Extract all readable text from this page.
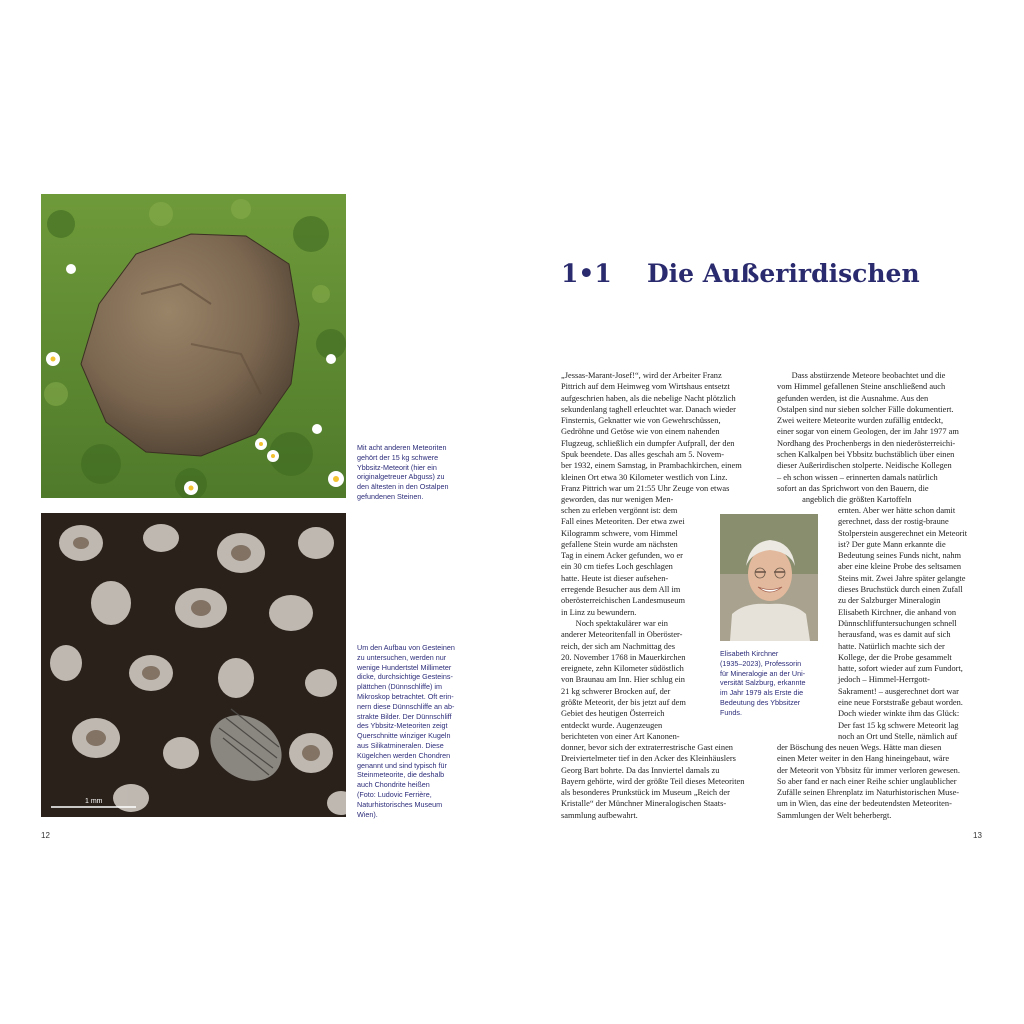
Mit acht anderen Meteoriten
gehört der 15 kg schwere
Ybbsitz-Meteorit (hier ein
originalgetreuer Abguss) zu
den ältesten in den Ostalpen
gefundenen Steinen.

1 mm

Um den Aufbau von Gesteinen
zu untersuchen, werden nur
wenige Hundertstel Millimeter
dicke, durchsichtige Gesteins-
plättchen (Dünnschliffe) im
Mikroskop betrachtet. Oft erin-
nern diese Dünnschliffe an ab-
strakte Bilder. Der Dünnschliff
des Ybbsitz-Meteoriten zeigt
Querschnitte winziger Kugeln
aus Silikatmineralen. Diese
Kügelchen werden Chondren
genannt und sind typisch für
Steinmeteorite, die deshalb
auch Chondrite heißen
(Foto: Ludovic Ferrière,
Naturhistorisches Museum
Wien).

12
1•1 Die Außerirdischen

„Jessas-Marant-Josef!“, wird der Arbeiter Franz
Pittrich auf dem Heimweg vom Wirtshaus entsetzt
aufgeschrien haben, als die nebelige Nacht plötzlich
sekundenlang taghell erleuchtet war. Danach wieder
Finsternis, Geknatter wie von Gewehrschüssen,
Gedröhne und Getöse wie von einem nahenden
Flugzeug, schließlich ein dumpfer Aufprall, der den
Spuk beendete. Das alles geschah am 5. Novem-
ber 1932, einem Samstag, in Prambachkirchen, einem
kleinen Ort etwa 30 Kilometer westlich von Linz.
Franz Pittrich war um 21:55 Uhr Zeuge von etwas
geworden, das nur wenigen Men-

schen zu erleben vergönnt ist: dem
Fall eines Meteoriten. Der etwa zwei
Kilogramm schwere, vom Himmel
gefallene Stein wurde am nächsten
Tag in einem Acker gefunden, wo er
ein 30 cm tiefes Loch geschlagen
hatte. Heute ist dieser aufsehen-
erregende Besucher aus dem All im
oberösterreichischen Landesmuseum
in Linz zu bewundern.
Noch spektakulärer war ein
anderer Meteoritenfall in Oberöster-
reich, der sich am Nachmittag des
20. November 1768 in Mauerkirchen
ereignete, zehn Kilometer südöstlich
von Braunau am Inn. Hier schlug ein
21 kg schwerer Brocken auf, der
größte Meteorit, der bis jetzt auf dem
Gebiet des heutigen Österreich
entdeckt wurde. Augenzeugen
berichteten von einer Art Kanonen-

donner, bevor sich der extraterrestrische Gast einen
Dreiviertelmeter tief in den Acker des Kleinhäuslers
Georg Bart bohrte. Da das Innviertel damals zu
Bayern gehörte, wird der größte Teil dieses Meteoriten
als besonderes Prunkstück im Museum „Reich der
Kristalle“ der Münchner Mineralogischen Staats-
sammlung aufbewahrt.

Elisabeth Kirchner
(1935–2023), Professorin
für Mineralogie an der Uni-
versität Salzburg, erkannte
im Jahr 1979 als Erste die
Bedeutung des Ybbsitzer
Funds.

Dass abstürzende Meteore beobachtet und die
vom Himmel gefallenen Steine anschließend auch
gefunden werden, ist die Ausnahme. Aus den
Ostalpen sind nur sieben solcher Fälle dokumentiert.
Zwei weitere Meteorite wurden zufällig entdeckt,
einer sogar von einem Geologen, der im Jahr 1977 am
Nordhang des Prochenbergs in den niederösterreichi-
schen Kalkalpen bei Ybbsitz buchstäblich über einen
dieser Außerirdischen stolperte. Neidische Kollegen
– eh schon wissen – erinnerten damals natürlich
sofort an das Sprichwort von den Bauern, die
angeblich die größten Kartoffeln

ernten. Aber wer hätte schon damit
gerechnet, dass der rostig-braune
Stolperstein ausgerechnet ein Meteorit
ist? Der gute Mann erkannte die
Bedeutung seines Funds nicht, nahm
aber eine kleine Probe des seltsamen
Steins mit. Zwei Jahre später gelangte
dieses Bruchstück durch einen Zufall
zu der Salzburger Mineralogin
Elisabeth Kirchner, die anhand von
Dünnschliffuntersuchungen schnell
herausfand, was es damit auf sich
hatte. Natürlich machte sich der
Kollege, der die Probe gesammelt
hatte, sofort wieder auf zum Fundort,
jedoch – Himmel-Herrgott-
Sakrament! – ausgerechnet dort war
eine neue Forststraße gebaut worden.
Doch wieder winkte ihm das Glück:
Der fast 15 kg schwere Meteorit lag
noch an Ort und Stelle, nämlich auf

der Böschung des neuen Wegs. Hätte man diesen
einen Meter weiter in den Hang hineingebaut, wäre
der Meteorit von Ybbsitz für immer verloren gewesen.
So aber fand er nach einer Reihe schier unglaublicher
Zufälle seinen Ehrenplatz im Naturhistorischen Muse-
um in Wien, das eine der bedeutendsten Meteoriten-
Sammlungen der Welt beherbergt.

13
